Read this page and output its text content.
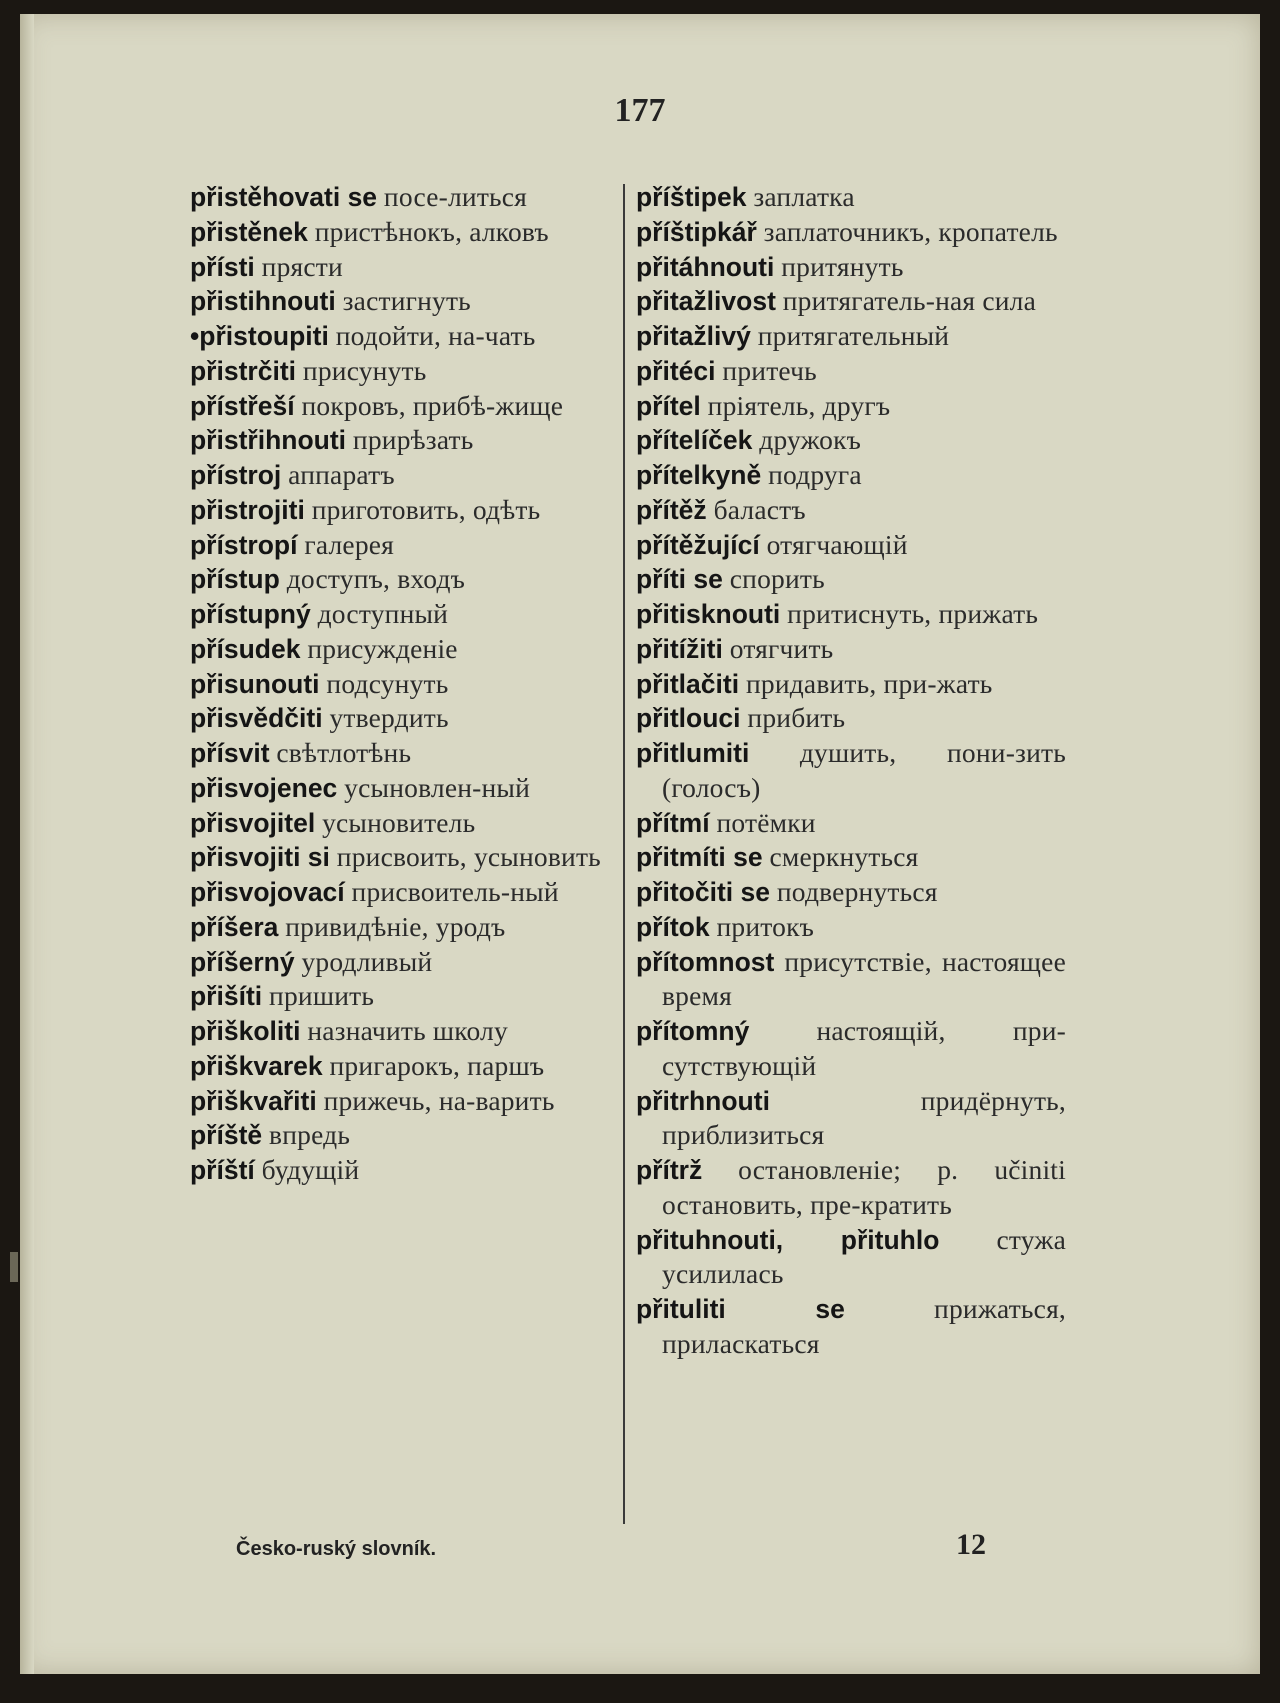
177

přistěhovati se посе-литься

přistěnek пристѣнокъ, алковъ

přísti прясти

přistihnouti застигнуть

•přistoupiti подойти, на-чать

přistrčiti присунуть

přístřeší покровъ, прибѣ-жище

přistřihnouti прирѣзать

přístroj аппаратъ

přistrojiti приготовить, одѣть

přístropí галерея

přístup доступъ, входъ

přístupný доступный

přísudek присужденіе

přisunouti подсунуть

přisvědčiti утвердить

přísvit свѣтлотѣнь

přisvojenec усыновлен-ный

přisvojitel усыновитель

přisvojiti si присвоить, усыновить

přisvojovací присвоитель-ный

příšera привидѣніе, уродъ

příšerný уродливый

přišíti пришить

přiškoliti назначить школу

přiškvarek пригарокъ, паршъ

přiškvařiti прижечь, на-варить

příště впредь

příští будущій

příštipek заплатка

příštipkář заплаточникъ, кропатель

přitáhnouti притянуть

přitažlivost притягатель-ная сила

přitažlivý притягательный

přitéci притечь

přítel пріятель, другъ

přítelíček дружокъ

přítelkyně подруга

přítěž баластъ

přítěžující отягчающій

příti se спорить

přitisknouti притиснуть, прижать

přitížiti отягчить

přitlačiti придавить, при-жать

přitlouci прибить

přitlumiti душить, пони-зить (голосъ)

přítmí потёмки

přitmíti se смеркнуться

přitočiti se подвернуться

přítok притокъ

přítomnost присутствіе, настоящее время

přítomný настоящій, при-сутствующій

přitrhnouti	придёрнуть, приблизиться

přítrž остановленіе; p. učiniti остановить, пре-кратить

přituhnouti, přituhlo стужа усилилась

přituliti se	прижаться, приласкаться

Česko-ruský slovník.	12
